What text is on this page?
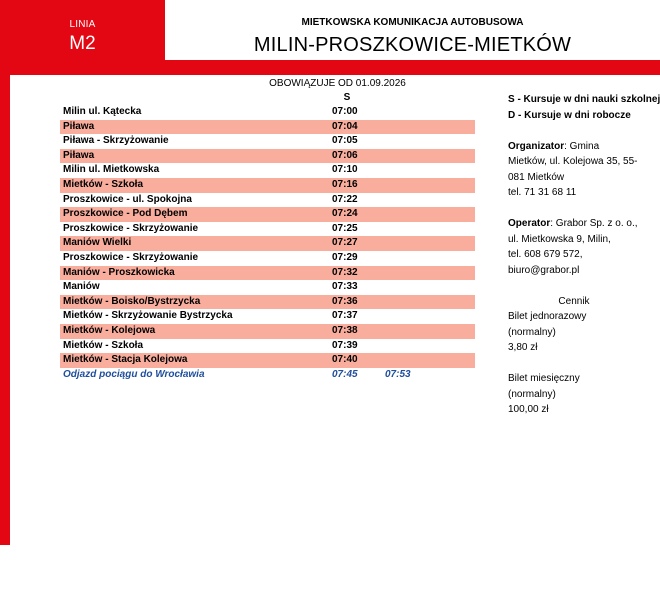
LINIA
M2
MIETKOWSKA KOMUNIKACJA AUTOBUSOWA
MILIN-PROSZKOWICE-MIETKÓW
OBOWIĄZUJE OD 01.09.2026
S
Milin ul. Kątecka	07:00
Piława	07:04
Piława - Skrzyżowanie	07:05
Piława	07:06
Milin ul. Mietkowska	07:10
Mietków - Szkoła	07:16
Proszkowice - ul. Spokojna	07:22
Proszkowice - Pod Dębem	07:24
Proszkowice - Skrzyżowanie	07:25
Maniów Wielki	07:27
Proszkowice - Skrzyżowanie	07:29
Maniów - Proszkowicka	07:32
Maniów	07:33
Mietków - Boisko/Bystrzycka	07:36
Mietków - Skrzyżowanie Bystrzycka	07:37
Mietków - Kolejowa	07:38
Mietków - Szkoła	07:39
Mietków - Stacja Kolejowa	07:40
Odjazd pociągu do Wrocławia	07:45	07:53
S - Kursuje w dni nauki szkolnej
D - Kursuje w dni robocze
Organizator: Gmina
Mietków, ul. Kolejowa 35, 55-
081 Mietków
tel. 71 31 68 11
Operator: Grabor Sp. z o. o.,
ul. Mietkowska 9, Milin,
tel. 608 679 572,
biuro@grabor.pl
Cennik
Bilet jednorazowy
(normalny)
3,80 zł
Bilet miesięczny
(normalny)
100,00 zł
